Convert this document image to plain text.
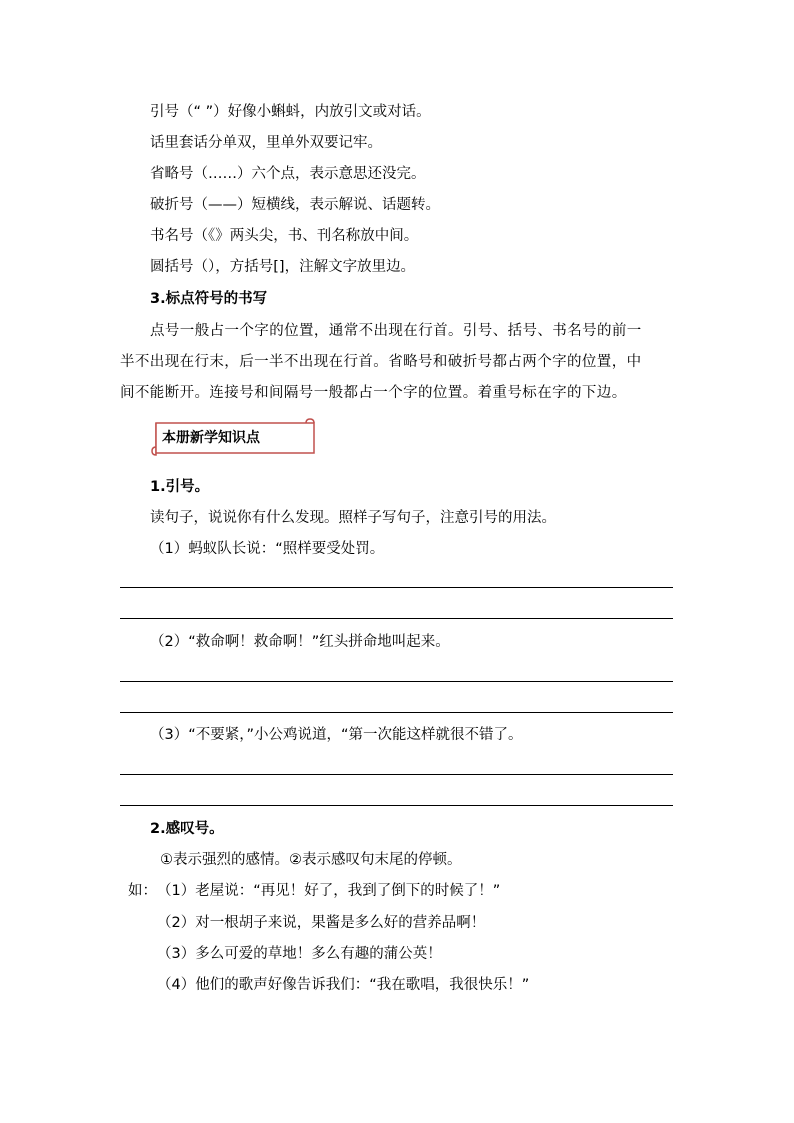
引号（“ ”）好像小蝌蚪，内放引文或对话。
话里套话分单双，里单外双要记牢。
省略号（……）六个点，表示意思还没完。
破折号（——）短横线，表示解说、话题转。
书名号（《》两头尖，书、刊名称放中间。
圆括号（），方括号[]，注解文字放里边。
3.标点符号的书写
点号一般占一个字的位置，通常不出现在行首。引号、括号、书名号的前一
半不出现在行末，后一半不出现在行首。省略号和破折号都占两个字的位置，中
间不能断开。连接号和间隔号一般都占一个字的位置。着重号标在字的下边。
本册新学知识点
1.引号。
读句子，说说你有什么发现。照样子写句子，注意引号的用法。
（1）蚂蚁队长说：“照样要受处罚。
（2）“救命啊！救命啊！”红头拼命地叫起来。
（3）“不要紧，”小公鸡说道，“第一次能这样就很不错了。
2.感叹号。
①表示强烈的感情。②表示感叹句末尾的停顿。
如： （1）老屋说：“再见！好了，我到了倒下的时候了！”
（2）对一根胡子来说，果酱是多么好的营养品啊！
（3）多么可爱的草地！多么有趣的蒲公英！
（4）他们的歌声好像告诉我们：“我在歌唱，我很快乐！”
